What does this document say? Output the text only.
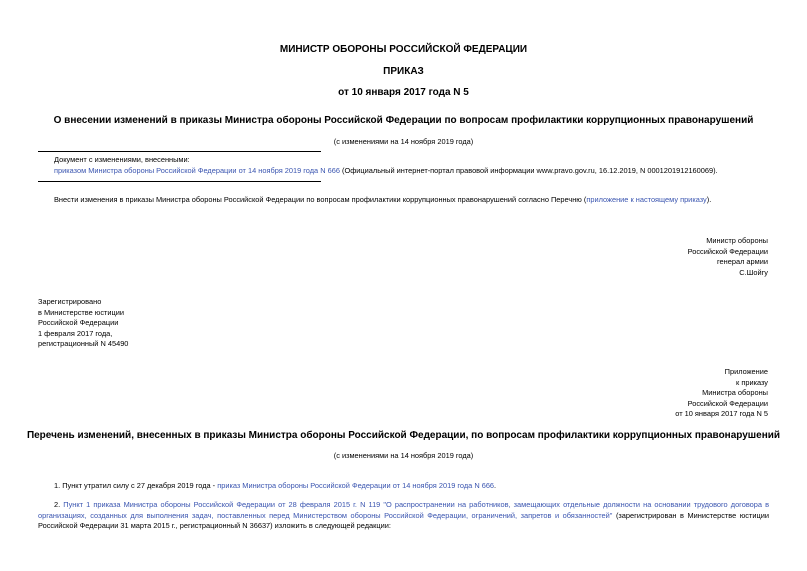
МИНИСТР ОБОРОНЫ РОССИЙСКОЙ ФЕДЕРАЦИИ
ПРИКАЗ
от 10 января 2017 года N 5
О внесении изменений в приказы Министра обороны Российской Федерации по вопросам профилактики коррупционных правонарушений
(с изменениями на 14 ноября 2019 года)
Документ с изменениями, внесенными:
приказом Министра обороны Российской Федерации от 14 ноября 2019 года N 666 (Официальный интернет-портал правовой информации www.pravo.gov.ru, 16.12.2019, N 0001201912160069).
Внести изменения в приказы Министра обороны Российской Федерации по вопросам профилактики коррупционных правонарушений согласно Перечню (приложение к настоящему приказу).
Министр обороны
Российской Федерации
генерал армии
С.Шойгу
Зарегистрировано
в Министерстве юстиции
Российской Федерации
1 февраля 2017 года,
регистрационный N 45490
Приложение
к приказу
Министра обороны
Российской Федерации
от 10 января 2017 года N 5
Перечень изменений, внесенных в приказы Министра обороны Российской Федерации, по вопросам профилактики коррупционных правонарушений
(с изменениями на 14 ноября 2019 года)
1. Пункт утратил силу с 27 декабря 2019 года - приказ Министра обороны Российской Федерации от 14 ноября 2019 года N 666.
2. Пункт 1 приказа Министра обороны Российской Федерации от 28 февраля 2015 г. N 119 "О распространении на работников, замещающих отдельные должности на основании трудового договора в организациях, созданных для выполнения задач, поставленных перед Министерством обороны Российской Федерации, ограничений, запретов и обязанностей" (зарегистрирован в Министерстве юстиции Российской Федерации 31 марта 2015 г., регистрационный N 36637) изложить в следующей редакции:
